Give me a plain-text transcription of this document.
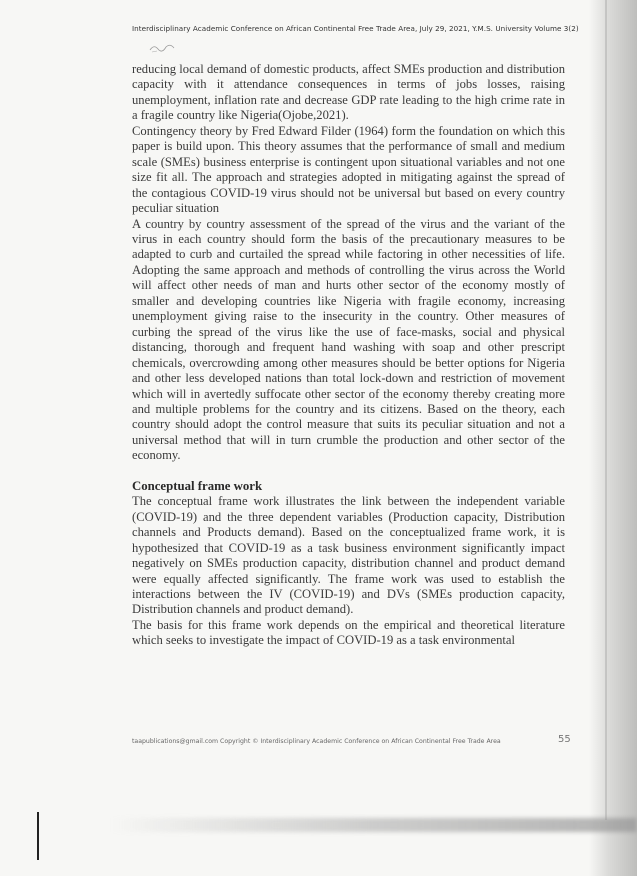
Interdisciplinary Academic Conference on African Continental Free Trade Area, July 29, 2021, Y.M.S. University Volume 3(2)

reducing local demand of domestic products, affect SMEs production and distribution capacity with it attendance consequences in terms of jobs losses, raising unemployment, inflation rate and decrease GDP rate leading to the high crime rate in a fragile country like Nigeria(Ojobe,2021).

Contingency theory by Fred Edward Filder (1964) form the foundation on which this paper is build upon. This theory assumes that the performance of small and medium scale (SMEs) business enterprise is contingent upon situational variables and not one size fit all. The approach and strategies adopted in mitigating against the spread of the contagious COVID-19 virus should not be universal but based on every country peculiar situation

A country by country assessment of the spread of the virus and the variant of the virus in each country should form the basis of the precautionary measures to be adapted to curb and curtailed the spread while factoring in other necessities of life. Adopting the same approach and methods of controlling the virus across the World will affect other needs of man and hurts other sector of the economy mostly of smaller and developing countries like Nigeria with fragile economy, increasing unemployment giving raise to the insecurity in the country. Other measures of curbing the spread of the virus like the use of face-masks, social and physical distancing, thorough and frequent hand washing with soap and other prescript chemicals, overcrowding among other measures should be better options for Nigeria and other less developed nations than total lock-down and restriction of movement which will in avertedly suffocate other sector of the economy thereby creating more and multiple problems for the country and its citizens. Based on the theory, each country should adopt the control measure that suits its peculiar situation and not a universal method that will in turn crumble the production and other sector of the economy.

Conceptual frame work

The conceptual frame work illustrates the link between the independent variable (COVID-19) and the three dependent variables (Production capacity, Distribution channels and Products demand). Based on the conceptualized frame work, it is hypothesized that COVID-19 as a task business environment significantly impact negatively on SMEs production capacity, distribution channel and product demand were equally affected significantly. The frame work was used to establish the interactions between the IV (COVID-19) and DVs (SMEs production capacity, Distribution channels and product demand).

The basis for this frame work depends on the empirical and theoretical literature which seeks to investigate the impact of COVID-19 as a task environmental

taapublications@gmail.com Copyright © Interdisciplinary Academic Conference on African Continental Free Trade Area	55
